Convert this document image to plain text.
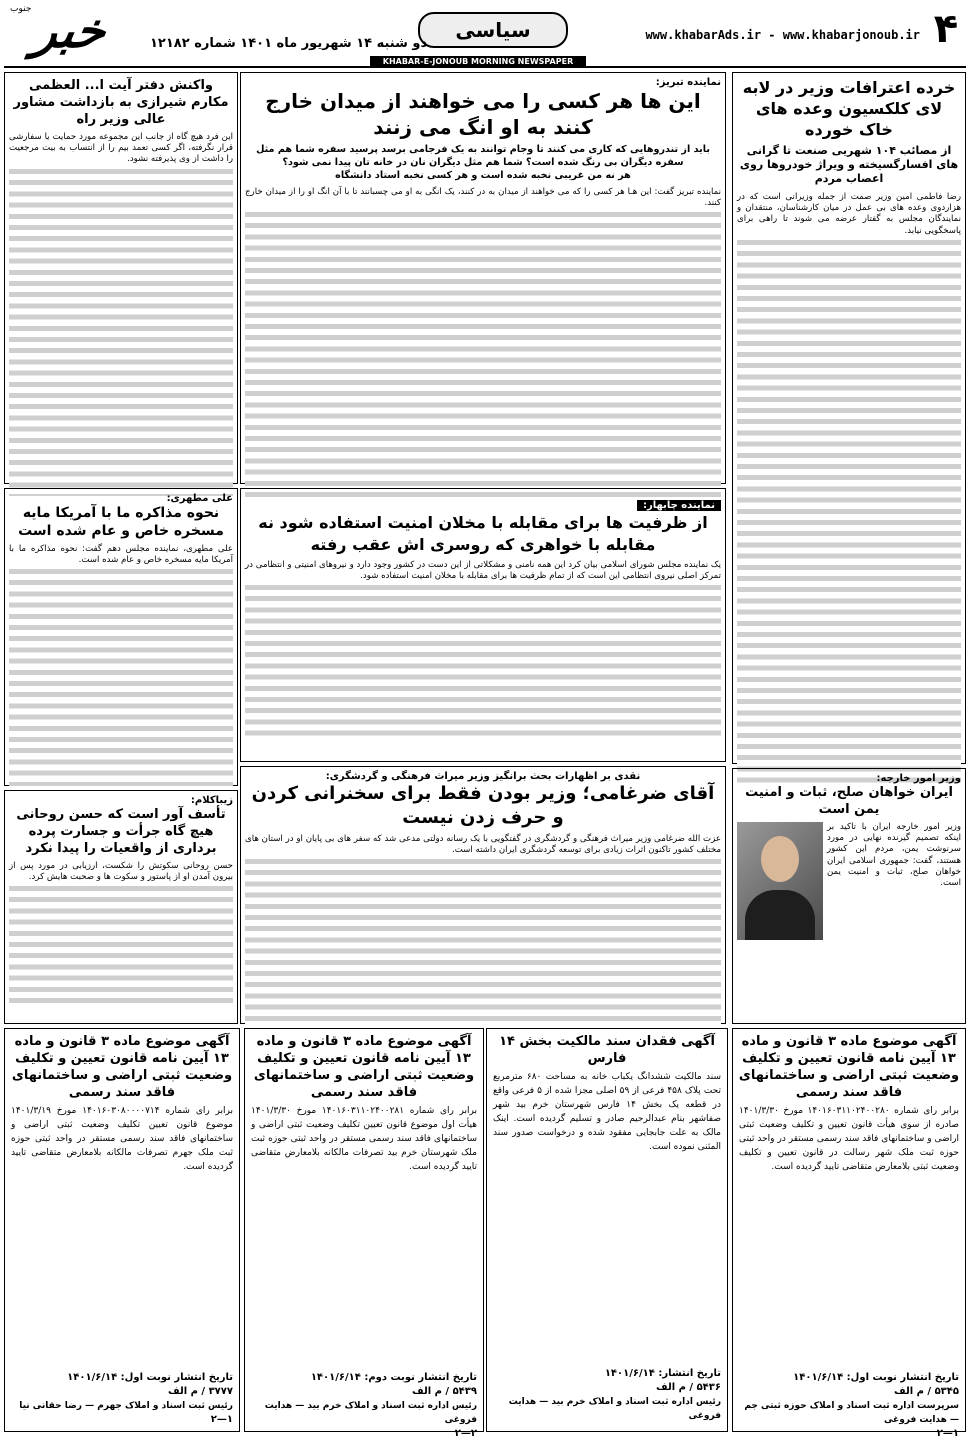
۴
www.khabarAds.ir - www.khabarjonoub.ir
سیاسی
دو شنبه ۱۴ شهریور ماه ۱۴۰۱ شماره ۱۲۱۸۲
خبر
جنوب
KHABAR-E-JONOUB MORNING NEWSPAPER
خرده اعترافات وزیر در لابه لای کلکسیون وعده های خاک خورده
از مصائب ۱۰۴ شهریی صنعت تا گرانی های افسارگسیخته و ویراژ خودروها روی اعصاب مردم
رضا فاطمی امین وزیر صمت از جمله وزیرانی است که در هزاردوی وعده های بی عمل در میان کارشناسان، منتقدان و نمایندگان مجلس به گفتار عرضه می شوند تا راهی برای پاسخگویی نیابد.
وزیر امور خارجه:
ایران خواهان صلح، ثبات و امنیت یمن است
وزیر امور خارجه ایران با تاکید بر اینکه تصمیم گیرنده نهایی در مورد سرنوشت یمن، مردم این کشور هستند، گفت: جمهوری اسلامی ایران خواهان صلح، ثبات و امنیت یمن است.
نماینده تبریز:
این ها هر کسی را می خواهند از میدان خارج کنند به او انگ می زنند
باید از تندروهایی که کاری می کنند تا وجام توانند به یک فرجامی برسد پرسید سفره شما هم مثل سفره دیگران بی رنگ شده است؟ شما هم مثل دیگران نان در خانه تان پیدا نمی شود؟
هر نه من غریبی نخبه شده است و هر کسی نخبه استاد دانشگاه
نماینده تبریز گفت: این هـا هر کسی را که می خواهند از میدان به در کنند، یک انگی به او می چسبانند تا با آن انگ او را از میدان خارج کنند.
واکنش دفتر آیت ا... العظمی مکارم شیرازی به بازداشت مشاور عالی وزیر راه
این فرد هیچ گاه از جانب این مجموعه مورد حمایت یا سفارشی قرار نگرفته، اگر کسی تعمد بیم را از انتساب به بیت مرجعیت را داشت از وی پذیرفته نشود.
علی مطهری:
نحوه مذاکره ما با آمریکا مایه مسخره خاص و عام شده است
علی مطهری، نماینده مجلس دهم گفت: نحوه مذاکره ما با آمریکا مایه مسخره خاص و عام شده است.
زیباکلام:
تأسف آور است که حسن روحانی هیچ گاه جرأت و جسارت پرده برداری از واقعیات را پیدا نکرد
حسن روحانی سکوتش را شکست، ارزیابی در مورد پس از بیرون آمدن او از پاستور و سکوت ها و صحبت هایش کرد.
نماینده چابهار:
از ظرفیت ها برای مقابله با مخلان امنیت استفاده شود نه مقابله با خواهری که روسری اش عقب رفته
یک نماینده مجلس شورای اسلامی بیان کرد این همه نامنی و مشکلاتی از این دست در کشور وجود دارد و نیروهای امنیتی و انتظامی در تمرکز اصلی نیروی انتظامی این است که از تمام ظرفیت ها برای مقابله با مخلان امنیت استفاده شود.
نقدی بر اظهارات بحث برانگیز وزیر میراث فرهنگی و گردشگری:
آقای ضرغامی؛ وزیر بودن فقط برای سخنرانی کردن و حرف زدن نیست
عزت الله ضرغامی وزیر میراث فرهنگی و گردشگری در گفتگویی با یک رسانه دولتی مدعی شد که سفر های بی پایان او در استان های مختلف کشور تاکنون اثرات زیادی برای توسعه گردشگری ایران داشته است.
آگهی موضوع ماده ۳ قانون و ماده ۱۳ آیین نامه قانون تعیین و تکلیف وضعیت ثبتی اراضی و ساختمانهای فاقد سند رسمی
برابر رای شماره ۱۴۰۱۶۰۳۱۱۰۲۴۰۰۲۸۰ مورخ ۱۴۰۱/۳/۳۰ صادره از سوی هیأت قانون تعیین و تکلیف وضعیت ثبتی اراضی و ساختمانهای فاقد سند رسمی مستقر در واحد ثبتی حوزه ثبت ملک شهر رسالت در قانون تعیین و تکلیف وضعیت ثبتی بلامعارض متقاضی تایید گردیده است.
تاریخ انتشار نوبت اول: ۱۴۰۱/۶/۱۴
۵۳۴۵ / م الف
سرپرست اداره ثبت اسناد و املاک حوزه ثبتی جم — هدایت فروغی
۱—۲
آگهی فقدان سند مالکیت بخش ۱۴ فارس
سند مالکیت ششدانگ یکباب خانه به مساحت ۶۸۰ مترمربع تحت پلاک ۴۵۸ فرعی از ۵۹ اصلی مجزا شده از ۵ فرعی واقع در قطعه یک بخش ۱۴ فارس شهرستان خرم بید شهر صفاشهر بنام عبدالرحیم صادر و تسلیم گردیده است. اینک مالک به علت جابجایی مفقود شده و درخواست صدور سند المثنی نموده است.
تاریخ انتشار: ۱۴۰۱/۶/۱۴
۵۴۳۶ / م الف
رئیس اداره ثبت اسناد و املاک خرم بید — هدایت فروغی
آگهی موضوع ماده ۳ قانون و ماده ۱۳ آیین نامه قانون تعیین و تکلیف وضعیت ثبتی اراضی و ساختمانهای فاقد سند رسمی
برابر رای شماره ۱۴۰۱۶۰۳۱۱۰۲۴۰۰۲۸۱ مورخ ۱۴۰۱/۳/۳۰ هیأت اول موضوع قانون تعیین تکلیف وضعیت ثبتی اراضی و ساختمانهای فاقد سند رسمی مستقر در واحد ثبتی حوزه ثبت ملک شهرستان خرم بید تصرفات مالکانه بلامعارض متقاضی تایید گردیده است.
تاریخ انتشار نوبت دوم: ۱۴۰۱/۶/۱۴
۵۴۳۹ / م الف
رئیس اداره ثبت اسناد و املاک خرم بید — هدایت فروغی
۲—۲
آگهی موضوع ماده ۳ قانون و ماده ۱۳ آیین نامه قانون تعیین و تکلیف وضعیت ثبتی اراضی و ساختمانهای فاقد سند رسمی
برابر رای شماره ۱۴۰۱۶۰۳۰۸۰۰۰۰۷۱۴ مورخ ۱۴۰۱/۳/۱۹ موضوع قانون تعیین تکلیف وضعیت ثبتی اراضی و ساختمانهای فاقد سند رسمی مستقر در واحد ثبتی حوزه ثبت ملک جهرم تصرفات مالکانه بلامعارض متقاضی تایید گردیده است.
تاریخ انتشار نوبت اول: ۱۴۰۱/۶/۱۴
۳۷۷۷ / م الف
رئیس ثبت اسناد و املاک جهرم — رضا حقانی نیا
۱—۲
